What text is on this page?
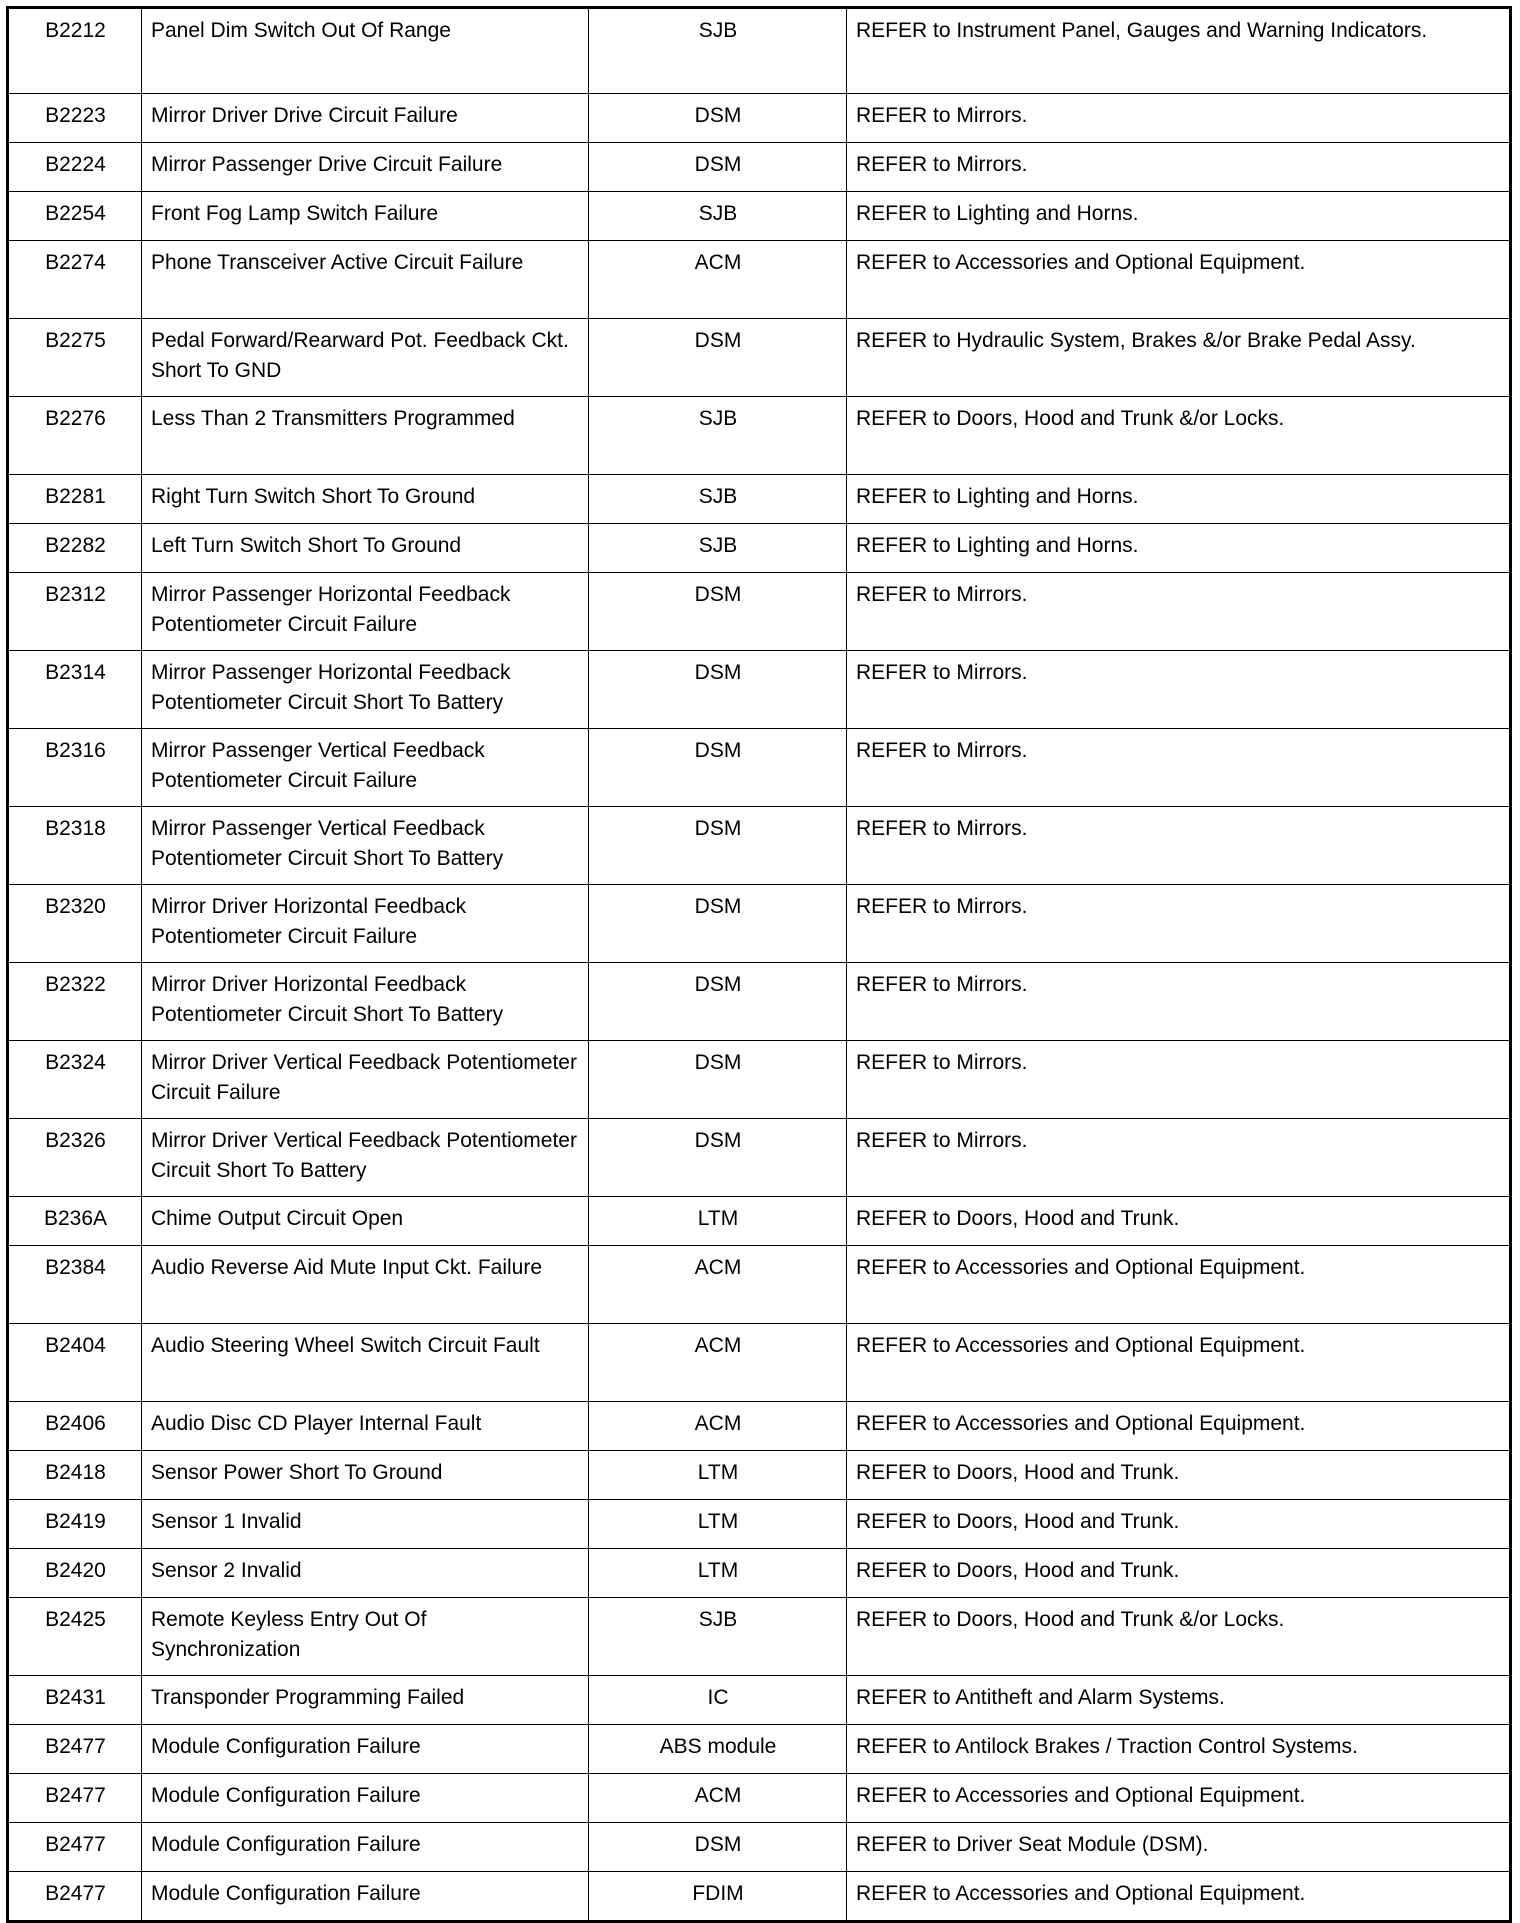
B2212	Panel Dim Switch Out Of Range	SJB	REFER to Instrument Panel, Gauges and Warning Indicators.
B2223	Mirror Driver Drive Circuit Failure	DSM	REFER to Mirrors.
B2224	Mirror Passenger Drive Circuit Failure	DSM	REFER to Mirrors.
B2254	Front Fog Lamp Switch Failure	SJB	REFER to Lighting and Horns.
B2274	Phone Transceiver Active Circuit Failure	ACM	REFER to Accessories and Optional Equipment.
B2275	Pedal Forward/Rearward Pot. Feedback Ckt. Short To GND	DSM	REFER to Hydraulic System, Brakes &/or Brake Pedal Assy.
B2276	Less Than 2 Transmitters Programmed	SJB	REFER to Doors, Hood and Trunk &/or Locks.
B2281	Right Turn Switch Short To Ground	SJB	REFER to Lighting and Horns.
B2282	Left Turn Switch Short To Ground	SJB	REFER to Lighting and Horns.
B2312	Mirror Passenger Horizontal Feedback Potentiometer Circuit Failure	DSM	REFER to Mirrors.
B2314	Mirror Passenger Horizontal Feedback Potentiometer Circuit Short To Battery	DSM	REFER to Mirrors.
B2316	Mirror Passenger Vertical Feedback Potentiometer Circuit Failure	DSM	REFER to Mirrors.
B2318	Mirror Passenger Vertical Feedback Potentiometer Circuit Short To Battery	DSM	REFER to Mirrors.
B2320	Mirror Driver Horizontal Feedback Potentiometer Circuit Failure	DSM	REFER to Mirrors.
B2322	Mirror Driver Horizontal Feedback Potentiometer Circuit Short To Battery	DSM	REFER to Mirrors.
B2324	Mirror Driver Vertical Feedback Potentiometer Circuit Failure	DSM	REFER to Mirrors.
B2326	Mirror Driver Vertical Feedback Potentiometer Circuit Short To Battery	DSM	REFER to Mirrors.
B236A	Chime Output Circuit Open	LTM	REFER to Doors, Hood and Trunk.
B2384	Audio Reverse Aid Mute Input Ckt. Failure	ACM	REFER to Accessories and Optional Equipment.
B2404	Audio Steering Wheel Switch Circuit Fault	ACM	REFER to Accessories and Optional Equipment.
B2406	Audio Disc CD Player Internal Fault	ACM	REFER to Accessories and Optional Equipment.
B2418	Sensor Power Short To Ground	LTM	REFER to Doors, Hood and Trunk.
B2419	Sensor 1 Invalid	LTM	REFER to Doors, Hood and Trunk.
B2420	Sensor 2 Invalid	LTM	REFER to Doors, Hood and Trunk.
B2425	Remote Keyless Entry Out Of Synchronization	SJB	REFER to Doors, Hood and Trunk &/or Locks.
B2431	Transponder Programming Failed	IC	REFER to Antitheft and Alarm Systems.
B2477	Module Configuration Failure	ABS module	REFER to Antilock Brakes / Traction Control Systems.
B2477	Module Configuration Failure	ACM	REFER to Accessories and Optional Equipment.
B2477	Module Configuration Failure	DSM	REFER to Driver Seat Module (DSM).
B2477	Module Configuration Failure	FDIM	REFER to Accessories and Optional Equipment.
